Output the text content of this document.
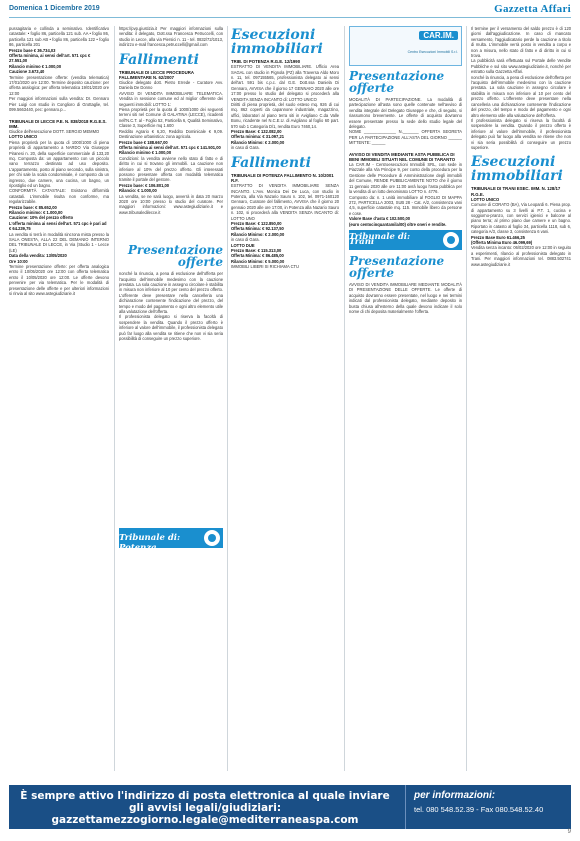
Domenica 1 Dicembre 2019	Gazzetta Affari

pussagitaria e collinda a seminativo. Identificativo catastale: • foglio 86, particella 121 sub. AA • foglio 86, particella 121 sub AB • foglio 86, particella 122 • foglio 86, particella 201

Prezzo base € 36.734,03

Offerta minima, ai sensi dell'art. 571 cpc € 27.551,00

Rilancio minimo € 1.000,00

Cauzione 3.673,40

Termine presentazione offerte: (vendita telematica) 17/01/2020 ore 12:00. Termine deposito cauzione: per offerta analogica: per offerta telematica 19/01/2020 ore 12:00

Per maggiori informazioni sulla vendita: Dr. Gennaro Pier Luigi con studio in Conglioro di Grottaglie, tel. 099.5663440, pec: gennaro.p...

TRIBUNALE DI LECCE P.E. N. 838/2018 R.G.E.S. IMM.

Giudice dell'esecuzione DOTT. SERGIO MEMMO

LOTTO UNICO

Piena proprietà per la quota di 1000/1000 di piena proprietà di appartamento a NARDO Via Giuseppe Piranesi n. 20, della superficie commerciale di 133,20 mq. Composta da: un appartamento con un piccolo vano terrazzo destinato ad uso deposito. L'appartamento, posto al piano secondo, sulla sinistra, per chi sale la scala condominiale, è composto da un ingresso, due camere, una cucina, un bagno, un ripostiglio ed un bagno.

CONFORMITÀ CATASTALE: Esistono difformità catastali. L'immobile risulta non conforme, ma regolarizzabile.

Prezzo base: € 85.652,00

Rilancio minimo: € 1.000,00

Cauzione: 10% del prezzo offerto

L'offerta minima ai sensi dell'art. 571 cpc è pari ad € 64.239,75

La vendita si terrà in modalità sincrona mista presso la SALA ONESTA, ALLA 22 DEL DEMANIO INTERNO DEL TRIBUNALE DI LECCE, in Via (Studio 1 - Lecce (LE)

Data della vendita: 13/05/2020

Ore 10:00

Termine presentazione offerte: per offerta analogica entro il 10/05/2020 ore 12:00 con offerta telematica entro il 10/05/2020 ore 12:00. Le offerte devono pervenire per via telematica. Per le modalità di presentazione delle offerte e per ulteriori informazioni si rinvia al sito www.astegiudiziarie.it

https://pvp.giustizia.it Per maggiori informazioni sulla vendita: il delegato, Dott.ssa Francesca Petruccelli, con studio in Lecce, alla via Piersici n. 11 - tel. 0832/72/1013, indirizzo e-mail francesca.petruccelli@gmail.com

Fallimenti

TRIBUNALE DI LECCE PROCEDURA FALLIMENTARE N. 62/2007

Giudice delegato dott. Pietro Errede - Curatore Avv. Daniela De Donno

AVVISO DI VENDITA IMMOBILIARE TELEMATICA. Vendita in sessione comune ed al miglior offerente dei seguenti immobili: LOTTO 1:

Piena proprietà per la quota di 1000/1000 dei seguenti terreni siti nel Comune di GALATINA (LECCE), ricadenti nell'N.C.T. al - Foglio 52, Particella 6, Qualità Seminativo, Classe 3, Superficie mq 1.600

Reddito Agrario € 6,20, Reddito Dominicale € 9,09. Destinazione urbanistica: zona agricola.

Prezzo base € 188.667,00

Offerta minima ai sensi dell'art. 571 cpc € 141.501,00

Rilancio minimo € 1.000,00

Condizioni: la vendita avviene nello stato di fatto e di diritto in cui si trovano gli immobili. La cauzione non inferiore al 10% del prezzo offerto. Gli interessati possono presentare offerta con modalità telematica tramite il portale del gestore.

Prezzo base: € 106.801,00

Rilancio: € 1.000,00

La vendita, se ne sarà luogo, avverrà in data 20 marzo 2020 ore 10:00 presso lo studio del curatore. Per maggiori informazioni: www.astegiudiziarie.it e www.tribunaledilecce.it

Presentazione offerte

nonché la rinuncia, a pena di esclusione dell'offerta per l'acquisto dell'immobile medesimo con la cauzione prestata. La sola cauzione in assegno circolare è stabilita in misura non inferiore al 10 per cento del prezzo offerto. L'offerente deve presentare nella cancelleria una dichiarazione contenente l'indicazione del prezzo, del tempo e modo del pagamento e ogni altro elemento utile alla valutazione dell'offerta.

Il professionista delegato si riserva la facoltà di sospendere la vendita. Quando il prezzo offerto è inferiore al valore dell'immobile, il professionista delegato può far luogo alla vendita se ritiene che non vi sia seria possibilità di conseguire un prezzo superiore.

Esecuzioni immobiliari

TRIB. DI POTENZA R.G.E. 12/1990

ESTRATTO DI VENDITA IMMOBILIARE. Ufficio Area SAGAL con studio in Pignola (PZ) alla Traversa Aldo Moro n. 11, tel. 097155565, professionista delegato ai sensi dell'art. 591 bis c.p.c. dal G.E. Dott.ssa Daniela Di Gennaro, AVVISA che il giorno 17 GENNAIO 2020 alle ore 17:00 presso lo studio del delegato si procederà alla VENDITA SENZA INCANTO di: LOTTO UNICO

Diritti di piena proprietà, del suolo esteso mq. 926 di cui mq. 862 coperti da capannone industriale, magazzino, uffici, laboratori al piano terra siti in Avigliano C.da Valle Bonu, ricadente nel N.C.E.U. di Avigliano al foglio 60 part. 570 sub 1 Categoria D/1, rendita Euro 7460,14.

Prezzo Base: € 132.082,00

Offerta minima: € 31.097,21

Rilancio Minimo: € 2.000,00

in caso di Gara.

Fallimenti

TRIBUNALE DI POTENZA FALLIMENTO N. 10/2001 R.F.

ESTRATTO DI VENDITA IMMOBILIARE SENZA INCANTO. L'Avv. Monica Dei De Luca, con studio in Potenza, alla Via Nazario Sauro n. 102, tel. 0971-160120 Gennaro, Curatore del fallimento, AVVISA che il giorno 20 gennaio 2020 alle ore 17:00, in Potenza alla Nazario Sauro n. 102, si procederà alla VENDITA SENZA INCANTO di: LOTTO UNO

Prezzo Base: € 122.850,00

Offerta Minima: € 92.137,50

Rilancio Minimo: € 2.000,00

in caso di Gara.

LOTTO DUE

Prezzo Base: € 115.313,00

Offerta Minima: € 86.485,00

Rilancio Minimo: € 5.000,00

IMMOBILI LIBERI SI RICHIAMA CTU

CAR.IM.
Centro Esecuzioni Immobili S.r.l.
Presentazione offerte

MODALITÀ DI PARTECIPAZIONE. La modalità di partecipazione all'asta sono quelle contenute nell'avviso di vendita integrale del Delegato Giuseppe e che, di seguito, si riassumono brevemente. Le offerte di acquisto dovranno essere presentate presso la sede dello studio legale del delegato.

NOME ______________ N._______ OFFERTA SEGRETA PER LA PARTECIPAZIONE ALL'ASTA DEL GIORNO ______ MITTENTE: ______

AVVISO DI VENDITA MEDIANTE ASTA PUBBLICA DI BENI IMMOBILI SITUATI NEL COMUNE DI TARANTO

La CAR.IM - Centroesecuzioni Immobili SRL, con sede in Piazzale alla Via Principe 9, per conto della procedura per la Gestione delle Procedure di Amministrazione degli immobili del Comune, RENDE PUBBLICAMENTE NOTO che il giorno 11 gennaio 2020 alle ore 11:00 avrà luogo l'asta pubblica per la vendita di un lotto denominato LOTTO n. 4776.

Composto da: n. 1 unità immobiliare al FOGLIO DI MAPPA 272, PARTICELLA 2003, SUB 28 - Cat. A/2, consistenza vani 4,5, superficie catastale mq. 115. Immobile libero da persone e cose.

Valore Base d'asta € 102.500,00

(euro centocinquantamila/00) oltre oneri e rendite.

Tribunale di: Trani
Presentazione offerte

AVVISO DI VENDITA IMMOBILIARE MEDIANTE MODALITÀ DI PRESENTAZIONE DELLE OFFERTE. Le offerte di acquisto dovranno essere presentate, nel luogo e nei termini indicati dal professionista delegato, mediante deposito in busta chiusa all'esterno della quale devono indicare il solo nome di chi deposita materialmente l'offerta.

Il termine per il versamento del saldo prezzo è di 120 giorni dall'aggiudicazione. In caso di mancato versamento, l'aggiudicatario perde la cauzione a titolo di multa. L'immobile verrà posto in vendita a corpo e non a misura, nello stato di fatto e di diritto in cui si trova.

La pubblicità sarà effettuata sul Portale delle Vendite Pubbliche e sul sito www.astegiudiziarie.it, nonché per estratto sulla Gazzetta Affari.

nonché la rinuncia, a pena di esclusione dell'offerta per l'acquisto dell'immobile medesimo con la cauzione prestata. La sola cauzione in assegno circolare è stabilita in misura non inferiore al 10 per cento del prezzo offerto. L'offerente deve presentare nella cancelleria una dichiarazione contenente l'indicazione del prezzo, del tempo e modo del pagamento e ogni altro elemento utile alla valutazione dell'offerta.

Il professionista delegato si riserva la facoltà di sospendere la vendita. Quando il prezzo offerto è inferiore al valore dell'immobile, il professionista delegato può far luogo alla vendita se ritiene che non vi sia seria possibilità di conseguire un prezzo superiore.

Esecuzioni immobiliari

TRIBUNALE DI TRANI ESEC. IMM. N. 128/17 R.G.E.

LOTTO UNICO

Comune di CORATO (BA), Via Leopardi 6. Piena prop. di appartamento su 3 livelli ai P.T. 1, cucina e soggiorno-pranzo, con servizi igienici e balcone al piano terra; al primo piano due camere e un bagno. Riportato in catasto al foglio 34, particella 1118, sub 6, categoria A/3, classe 3, consistenza 6 vani.

Prezzo Base Euro 61.466,25

(Offerta Minima Euro 46.099,69)

Vendita senza incanto: 06/02/2020 ore 12:00 in seguito a esperimenti, rilancio al professionista delegato in Trani. Per maggiori informazioni tel. 0883.502741 www.astegiudiziarie.it

Tribunale di: Potenza
È sempre attivo l'indirizzo di posta elettronica al quale inviare gli avvisi legali/giudiziari: gazzettamezzogiorno.legale@mediterraneaspa.com
per informazioni:
tel. 080 548.52.39 - Fax 080.548.52.40
9
